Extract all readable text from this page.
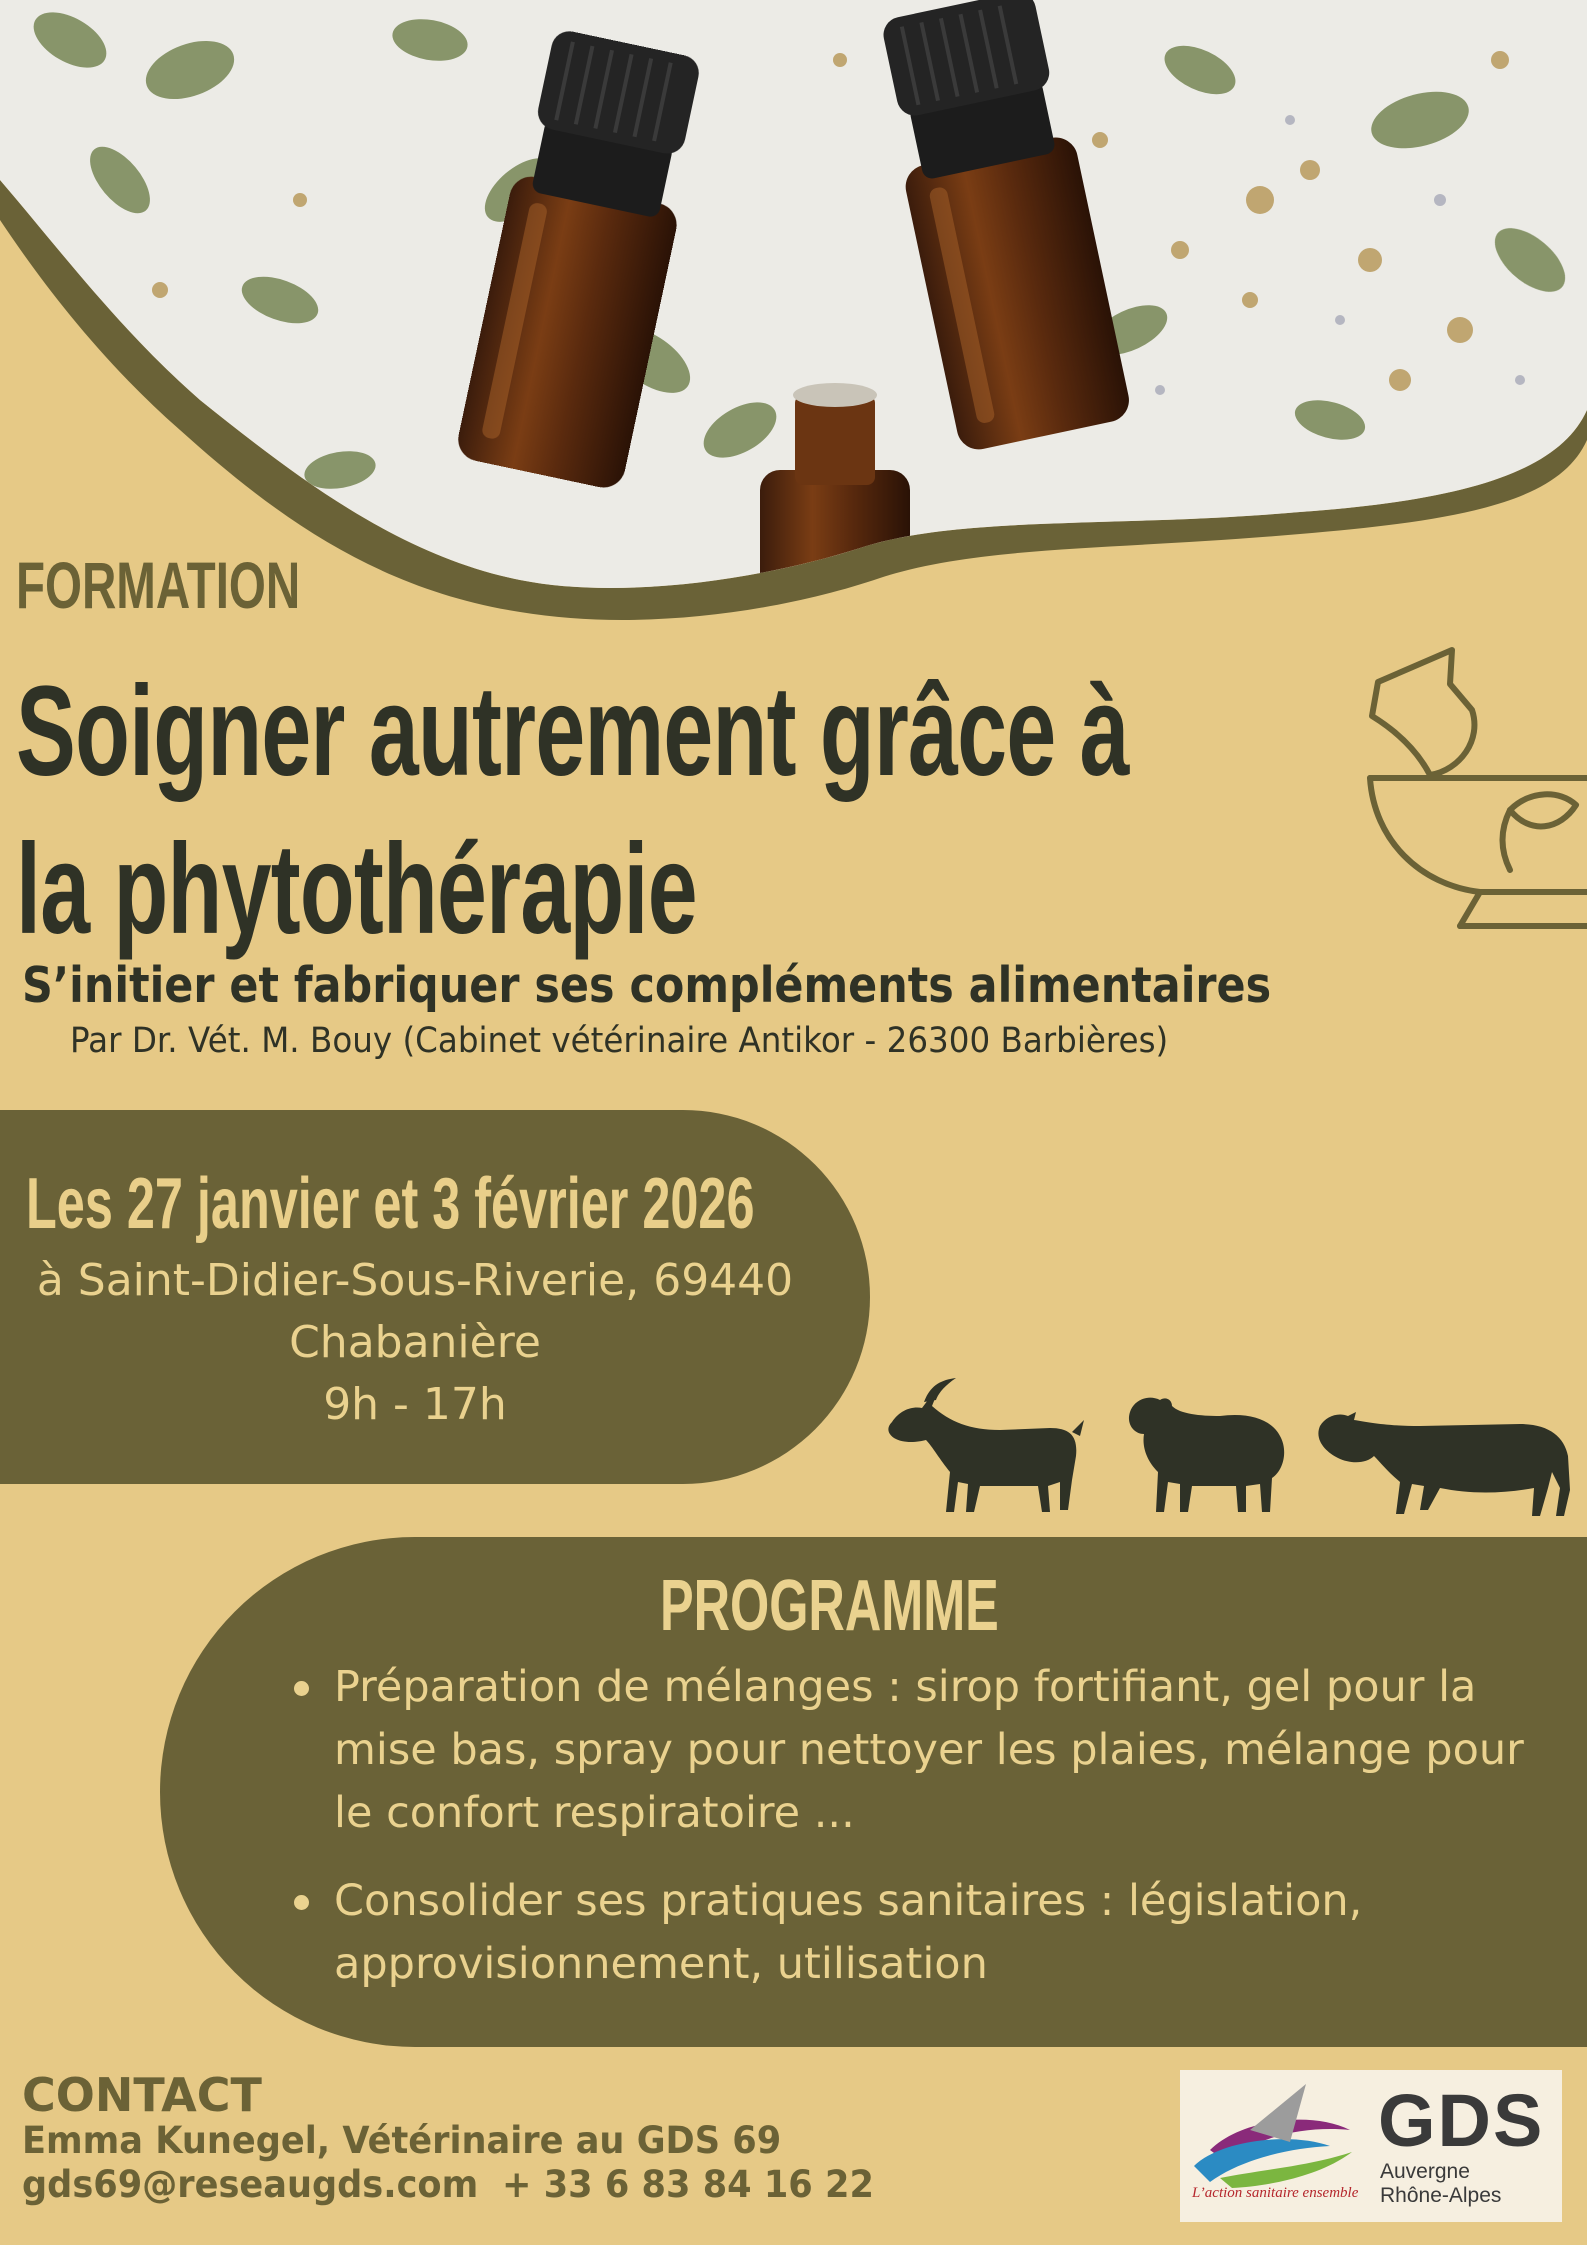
FORMATION
Soigner autrement grâce à
la phytothérapie
S’initier et fabriquer ses compléments alimentaires
Par Dr. Vét. M. Bouy (Cabinet vétérinaire Antikor - 26300 Barbières)
Les 27 janvier et 3 février 2026
à Saint-Didier-Sous-Riverie, 69440
Chabanière
9h - 17h
PROGRAMME
Préparation de mélanges : sirop fortifiant, gel pour la mise bas, spray pour nettoyer les plaies, mélange pour le confort respiratoire ...
Consolider ses pratiques sanitaires : législation, approvisionnement, utilisation
CONTACT
Emma Kunegel, Vétérinaire au GDS 69
gds69@reseaugds.com + 33 6 83 84 16 22
GDS
Auvergne
Rhône-Alpes
L’action sanitaire ensemble
